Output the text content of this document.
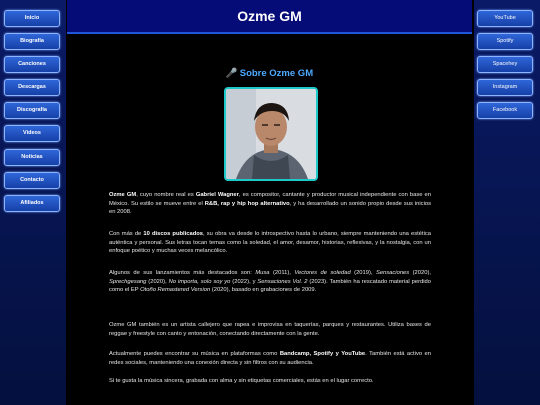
Inicio
Biografía
Canciones
Descargas
Discografía
Videos
Noticias
Contacto
Afiliados
Ozme GM
🎤 Sobre Ozme GM
Ozme GM, cuyo nombre real es Gabriel Wagner, es compositor, cantante y productor musical independiente con base en México. Su estilo se mueve entre el R&B, rap y hip hop alternativo, y ha desarrollado un sonido propio desde sus inicios en 2008.
Con más de 10 discos publicados, su obra va desde lo introspectivo hasta lo urbano, siempre manteniendo una estética auténtica y personal. Sus letras tocan temas como la soledad, el amor, desamor, historias, reflexivas, y la nostalgia, con un enfoque poético y muchas veces melancólico.
Algunos de sus lanzamientos más destacados son: Musa (2011), Vectores de soledad (2019), Sensaciones (2020), Sprechgesang (2020), No importa, solo soy yo (2022), y Sensaciones Vol. 2 (2023). También ha rescatado material perdido como el EP Otoño Remastered Version (2020), basado en grabaciones de 2009.
Ozme GM también es un artista callejero que rapea e improvisa en taquerías, parques y restaurantes. Utiliza bases de reggae y freestyle con canto y entonación, conectando directamente con la gente.
Actualmente puedes encontrar su música en plataformas como Bandcamp, Spotify y YouTube. También está activo en redes sociales, manteniendo una conexión directa y sin filtros con su audiencia.
Si te gusta la música sincera, grabada con alma y sin etiquetas comerciales, estás en el lugar correcto.
YouTube
Spotify
Spacehey
Instagram
Facebook
